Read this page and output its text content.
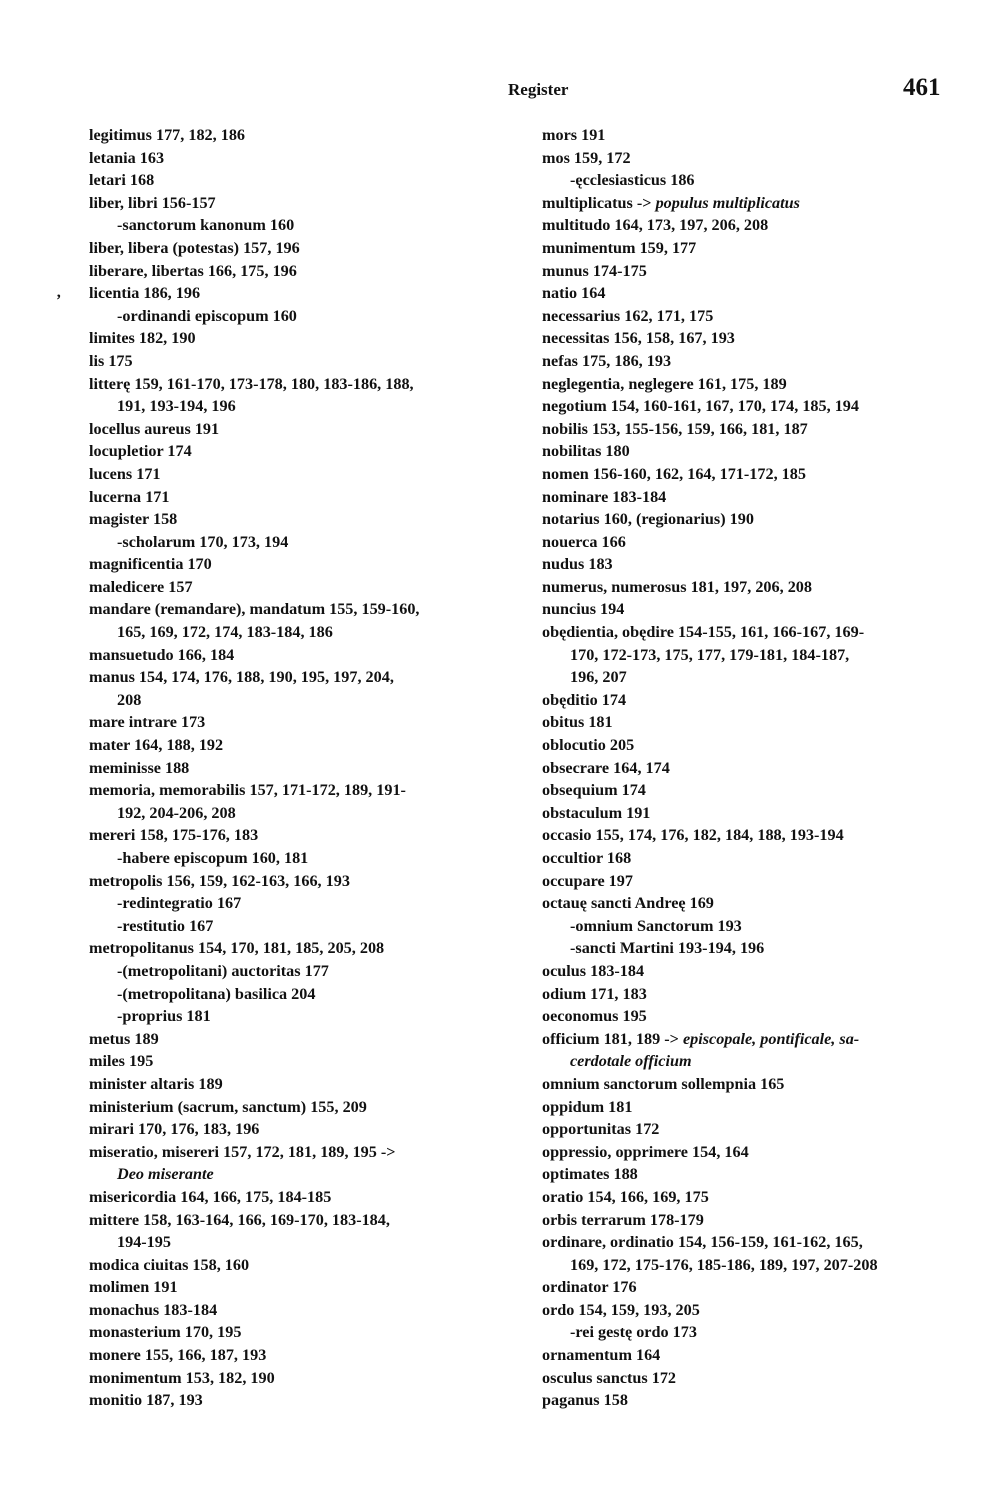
Register	461
ʼ
legitimus 177, 182, 186
letania 163
letari 168
liber, libri 156-157
-sanctorum kanonum 160
liber, libera (potestas) 157, 196
liberare, libertas 166, 175, 196
licentia 186, 196
-ordinandi episcopum 160
limites 182, 190
lis 175
litterę 159, 161-170, 173-178, 180, 183-186, 188,
191, 193-194, 196
locellus aureus 191
locupletior 174
lucens 171
lucerna 171
magister 158
-scholarum 170, 173, 194
magnificentia 170
maledicere 157
mandare (remandare), mandatum 155, 159-160,
165, 169, 172, 174, 183-184, 186
mansuetudo 166, 184
manus 154, 174, 176, 188, 190, 195, 197, 204,
208
mare intrare 173
mater 164, 188, 192
meminisse 188
memoria, memorabilis 157, 171-172, 189, 191-
192, 204-206, 208
mereri 158, 175-176, 183
-habere episcopum 160, 181
metropolis 156, 159, 162-163, 166, 193
-redintegratio 167
-restitutio 167
metropolitanus 154, 170, 181, 185, 205, 208
-(metropolitani) auctoritas 177
-(metropolitana) basilica 204
-proprius 181
metus 189
miles 195
minister altaris 189
ministerium (sacrum, sanctum) 155, 209
mirari 170, 176, 183, 196
miseratio, misereri 157, 172, 181, 189, 195 ->
Deo miserante
misericordia 164, 166, 175, 184-185
mittere 158, 163-164, 166, 169-170, 183-184,
194-195
modica ciuitas 158, 160
molimen 191
monachus 183-184
monasterium 170, 195
monere 155, 166, 187, 193
monimentum 153, 182, 190
monitio 187, 193
mors 191
mos 159, 172
-ęcclesiasticus 186
multiplicatus -> populus multiplicatus
multitudo 164, 173, 197, 206, 208
munimentum 159, 177
munus 174-175
natio 164
necessarius 162, 171, 175
necessitas 156, 158, 167, 193
nefas 175, 186, 193
neglegentia, neglegere 161, 175, 189
negotium 154, 160-161, 167, 170, 174, 185, 194
nobilis 153, 155-156, 159, 166, 181, 187
nobilitas 180
nomen 156-160, 162, 164, 171-172, 185
nominare 183-184
notarius 160, (regionarius) 190
nouerca 166
nudus 183
numerus, numerosus 181, 197, 206, 208
nuncius 194
obędientia, obędire 154-155, 161, 166-167, 169-
170, 172-173, 175, 177, 179-181, 184-187,
196, 207
obęditio 174
obitus 181
oblocutio 205
obsecrare 164, 174
obsequium 174
obstaculum 191
occasio 155, 174, 176, 182, 184, 188, 193-194
occultior 168
occupare 197
octauę sancti Andreę 169
-omnium Sanctorum 193
-sancti Martini 193-194, 196
oculus 183-184
odium 171, 183
oeconomus 195
officium 181, 189 -> episcopale, pontificale, sa-
cerdotale officium
omnium sanctorum sollempnia 165
oppidum 181
opportunitas 172
oppressio, opprimere 154, 164
optimates 188
oratio 154, 166, 169, 175
orbis terrarum 178-179
ordinare, ordinatio 154, 156-159, 161-162, 165,
169, 172, 175-176, 185-186, 189, 197, 207-208
ordinator 176
ordo 154, 159, 193, 205
-rei gestę ordo 173
ornamentum 164
osculus sanctus 172
paganus 158
